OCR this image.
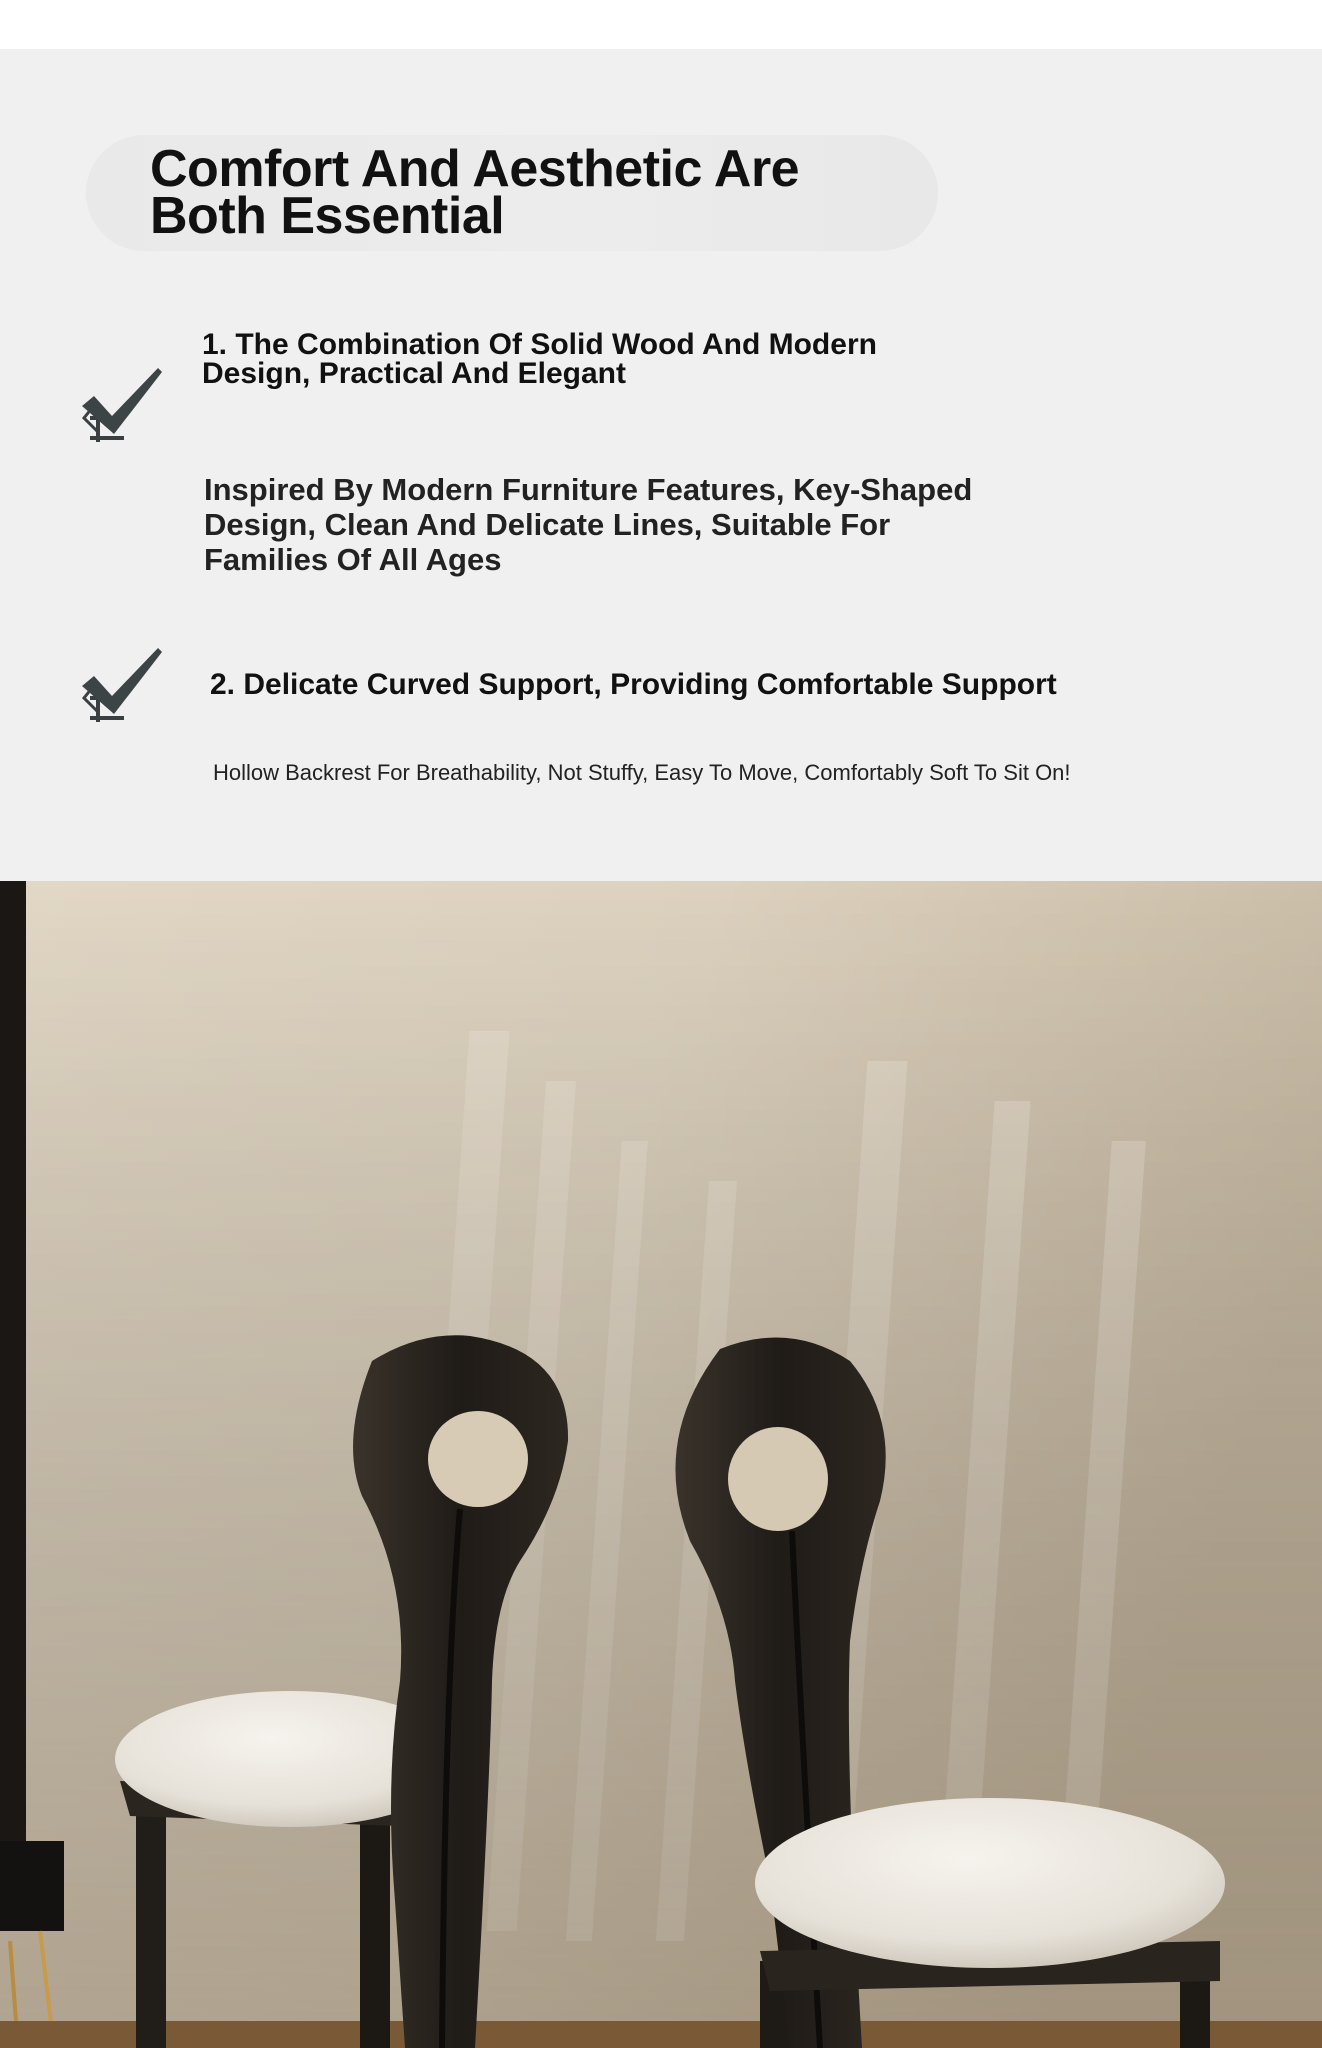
Comfort And Aesthetic Are
Both Essential
1. The Combination Of Solid Wood And Modern
Design, Practical And Elegant

Inspired By Modern Furniture Features, Key-Shaped
Design, Clean And Delicate Lines, Suitable For
Families Of All Ages

2. Delicate Curved Support, Providing Comfortable Support

Hollow Backrest For Breathability, Not Stuffy, Easy To Move, Comfortably Soft To Sit On!
